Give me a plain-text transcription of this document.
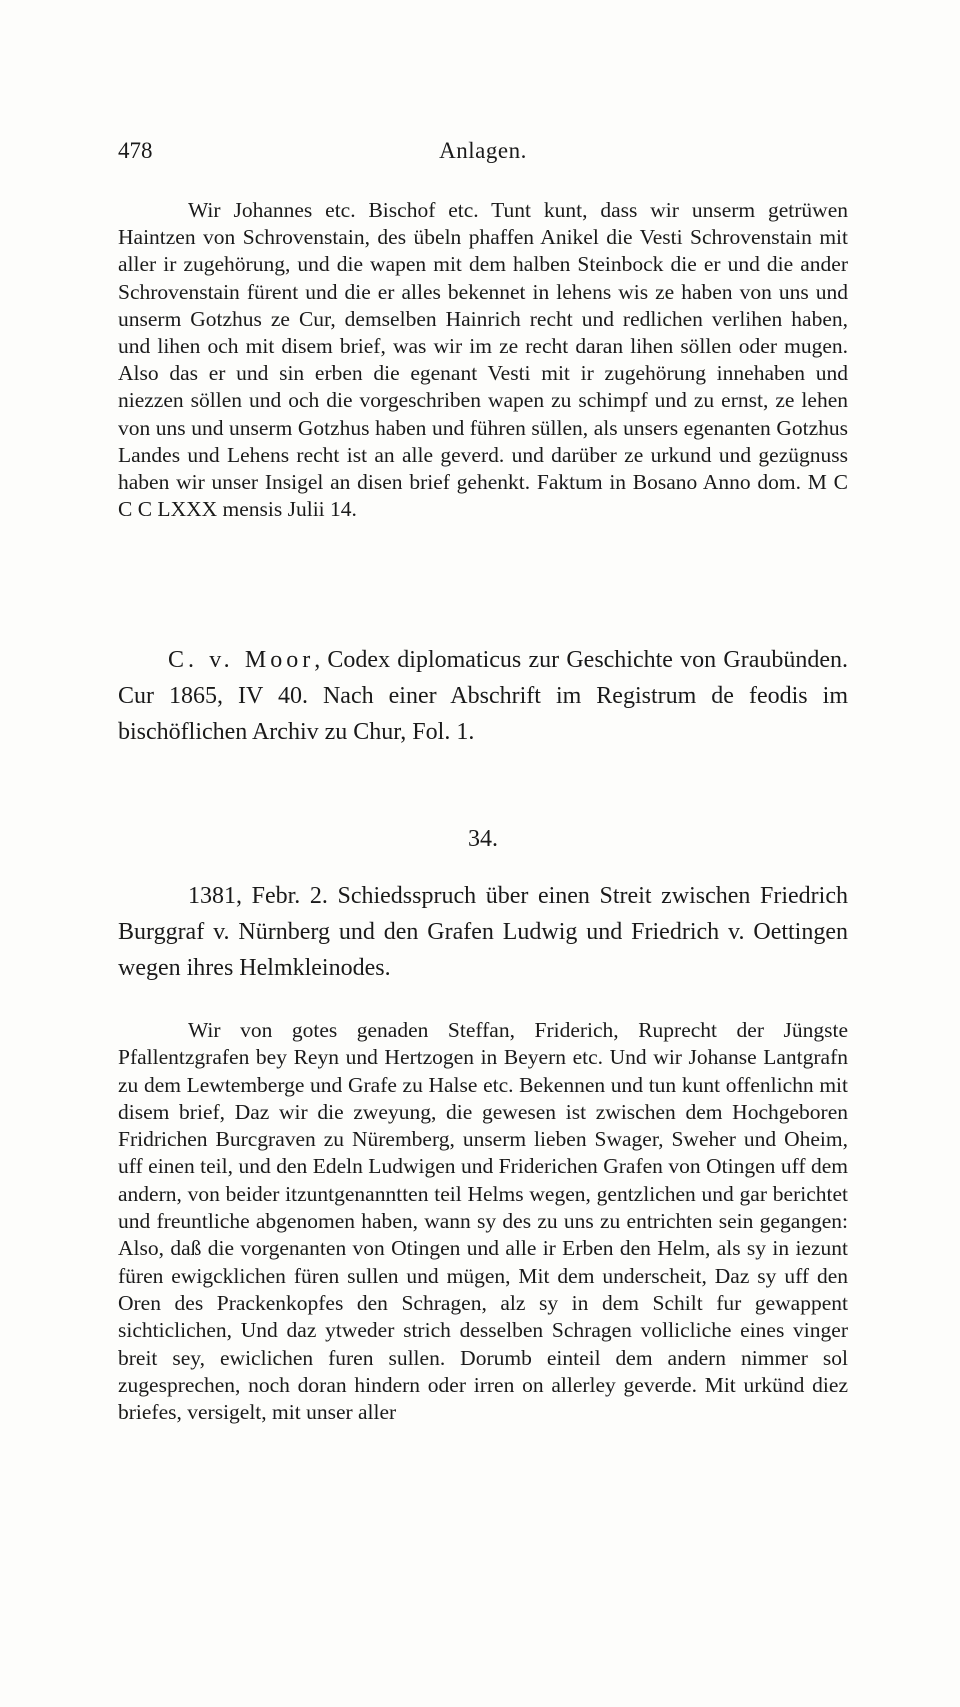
478	Anlagen.

Wir Johannes etc. Bischof etc. Tunt kunt, dass wir unserm getrüwen Haintzen von Schrovenstain, des übeln phaffen Anikel die Vesti Schrovenstain mit aller ir zugehörung, und die wapen mit dem halben Steinbock die er und die ander Schrovenstain fürent und die er alles bekennet in lehens wis ze haben von uns und unserm Gotzhus ze Cur, demselben Hainrich recht und redlichen verlihen haben, und lihen och mit disem brief, was wir im ze recht daran lihen söllen oder mugen. Also das er und sin erben die egenant Vesti mit ir zugehörung innehaben und niezzen söllen und och die vorgeschriben wapen zu schimpf und zu ernst, ze lehen von uns und unserm Gotzhus haben und führen süllen, als unsers egenanten Gotzhus Landes und Lehens recht ist an alle geverd. und darüber ze urkund und gezügnuss haben wir unser Insigel an disen brief gehenkt. Faktum in Bosano Anno dom. M C C C LXXX mensis Julii 14.

C. v. Moor, Codex diplomaticus zur Geschichte von Graubünden. Cur 1865, IV 40. Nach einer Abschrift im Registrum de feodis im bischöflichen Archiv zu Chur, Fol. 1.

34.
1381, Febr. 2. Schiedsspruch über einen Streit zwischen Friedrich Burggraf v. Nürnberg und den Grafen Ludwig und Friedrich v. Oettingen wegen ihres Helmkleinodes.

Wir von gotes genaden Steffan, Friderich, Ruprecht der Jüngste Pfallentzgrafen bey Reyn und Hertzogen in Beyern etc. Und wir Johanse Lantgrafn zu dem Lewtemberge und Grafe zu Halse etc. Bekennen und tun kunt offenlichn mit disem brief, Daz wir die zweyung, die gewesen ist zwischen dem Hochgeboren Fridrichen Burcgraven zu Nüremberg, unserm lieben Swager, Sweher und Oheim, uff einen teil, und den Edeln Ludwigen und Friderichen Grafen von Otingen uff dem andern, von beider itzuntgenanntten teil Helms wegen, gentzlichen und gar berichtet und freuntliche abgenomen haben, wann sy des zu uns zu entrichten sein gegangen: Also, daß die vorgenanten von Otingen und alle ir Erben den Helm, als sy in iezunt füren ewigcklichen füren sullen und mügen, Mit dem underscheit, Daz sy uff den Oren des Prackenkopfes den Schragen, alz sy in dem Schilt fur gewappent sichticlichen, Und daz ytweder strich desselben Schragen vollicliche eines vinger breit sey, ewiclichen furen sullen. Dorumb einteil dem andern nimmer sol zugesprechen, noch doran hindern oder irren on allerley geverde. Mit urkünd diez briefes, versigelt, mit unser aller
